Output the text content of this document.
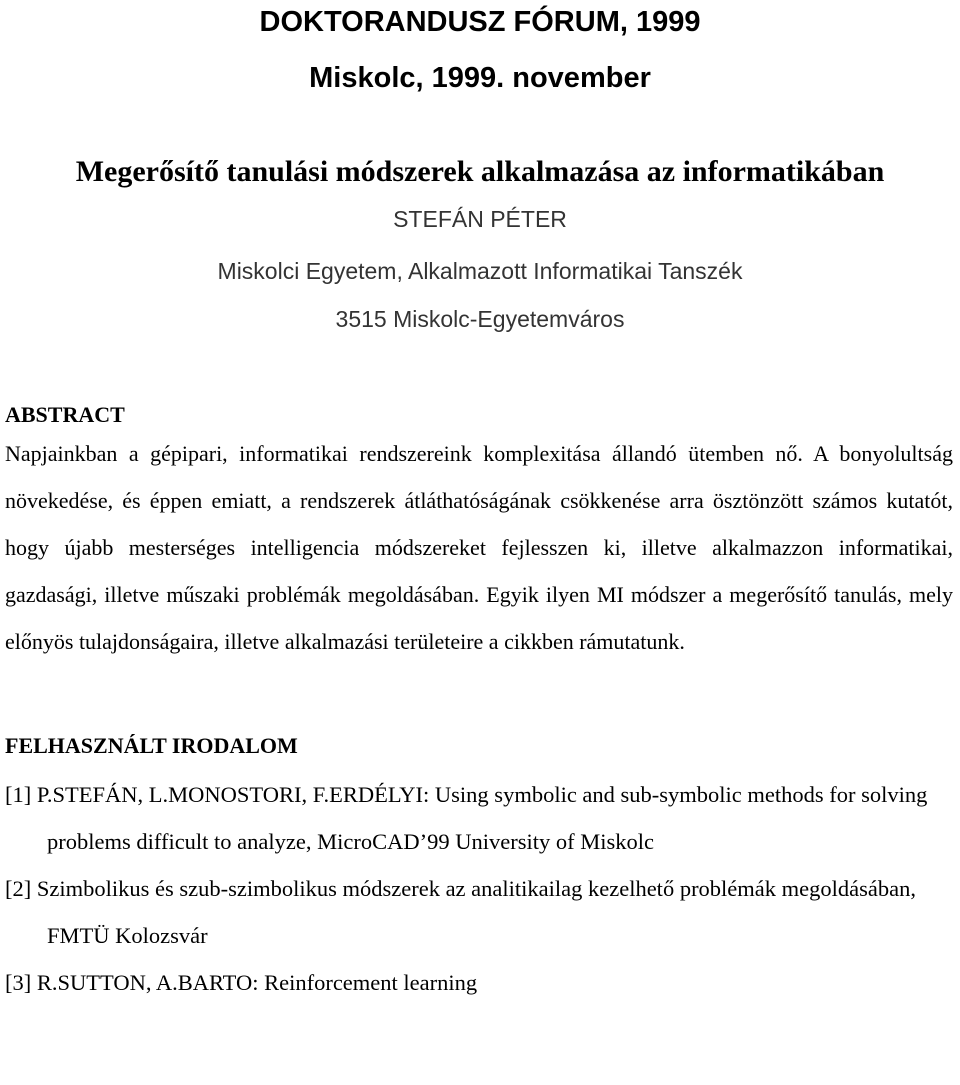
DOKTORANDUSZ FÓRUM, 1999

Miskolc, 1999. november

Megerősítő tanulási módszerek alkalmazása az informatikában

STEFÁN PÉTER

Miskolci Egyetem, Alkalmazott Informatikai Tanszék

3515 Miskolc-Egyetemváros

ABSTRACT

Napjainkban a gépipari, informatikai rendszereink komplexitása állandó ütemben nő. A bonyolultság növekedése, és éppen emiatt, a rendszerek átláthatóságának csökkenése arra ösztönzött számos kutatót, hogy újabb mesterséges intelligencia módszereket fejlesszen ki, illetve alkalmazzon informatikai, gazdasági, illetve műszaki problémák megoldásában. Egyik ilyen MI módszer a megerősítő tanulás, mely előnyös tulajdonságaira, illetve alkalmazási területeire a cikkben rámutatunk.

FELHASZNÁLT IRODALOM

[1] P.STEFÁN, L.MONOSTORI, F.ERDÉLYI: Using symbolic and sub-symbolic methods for solving problems difficult to analyze, MicroCAD’99 University of Miskolc

[2] Szimbolikus és szub-szimbolikus módszerek az analitikailag kezelhető problémák megoldásában, FMTÜ Kolozsvár

[3] R.SUTTON, A.BARTO: Reinforcement learning
